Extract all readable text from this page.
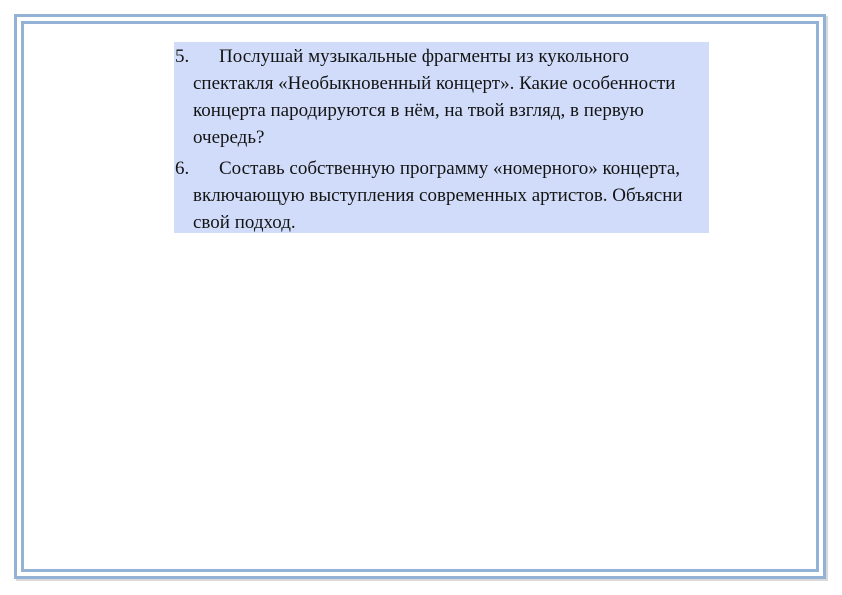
5.	Послушай музыкальные фрагменты из кукольного спектакля «Необыкновенный концерт». Какие особенности концерта пародируются в нём, на твой взгляд, в первую очередь?
6.	Составь собственную программу «номерного» концерта, включающую выступления современных артистов. Объясни свой подход.
